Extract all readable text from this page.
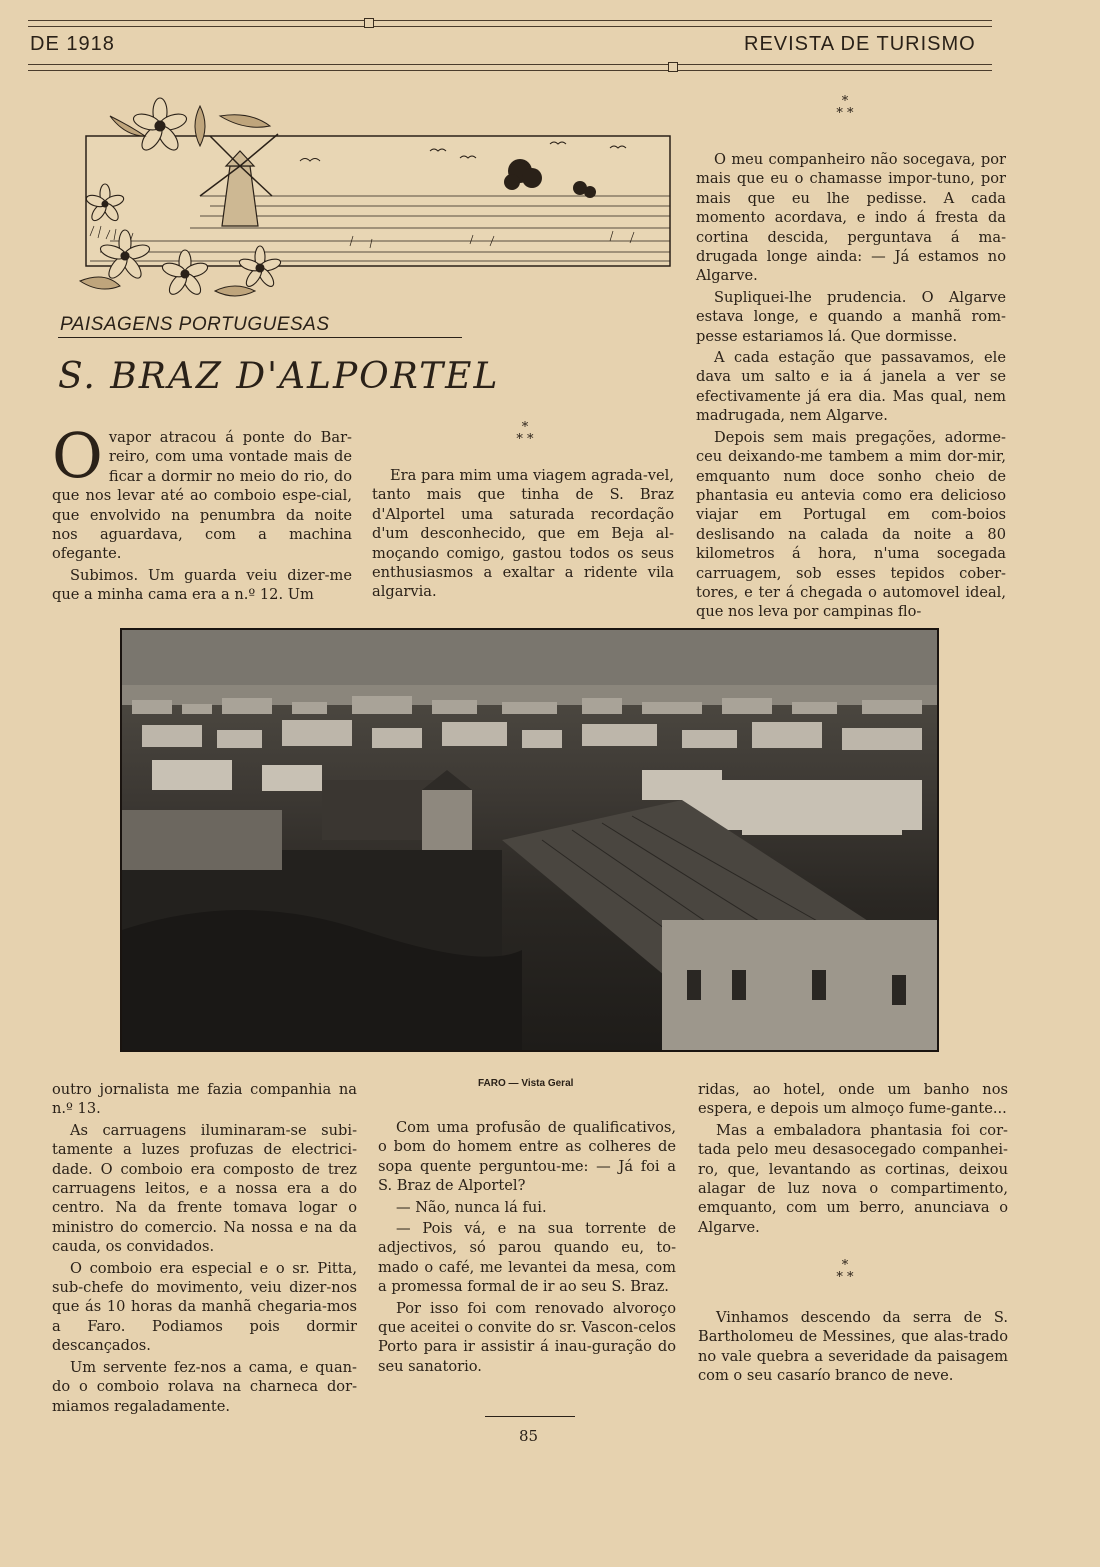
DE 1918	REVISTA DE TURISMO
PAISAGENS PORTUGUESAS
S. BRAZ D'ALPORTEL
O vapor atracou á ponte do Bar-reiro, com uma vontade mais de ficar a dormir no meio do rio, do que nos levar até ao comboio espe-cial, que envolvido na penumbra da noite nos aguardava, com a machina ofegante.

Subimos. Um guarda veiu dizer-me que a minha cama era a n.º 12. Um

*
* *

Era para mim uma viagem agrada-vel, tanto mais que tinha de S. Braz d'Alportel uma saturada recordação d'um desconhecido, que em Beja al-moçando comigo, gastou todos os seus enthusiasmos a exaltar a ridente vila algarvia.

*
* *

O meu companheiro não socegava, por mais que eu o chamasse impor-tuno, por mais que eu lhe pedisse. A cada momento acordava, e indo á fresta da cortina descida, perguntava á ma-drugada longe ainda: — Já estamos no Algarve.

Supliquei-lhe prudencia. O Algarve estava longe, e quando a manhã rom-pesse estariamos lá. Que dormisse.

A cada estação que passavamos, ele dava um salto e ia á janela a ver se efectivamente já era dia. Mas qual, nem madrugada, nem Algarve.

Depois sem mais pregações, adorme-ceu deixando-me tambem a mim dor-mir, emquanto num doce sonho cheio de phantasia eu antevia como era delicioso viajar em Portugal em com-boios deslisando na calada da noite a 80 kilometros á hora, n'uma socegada carruagem, sob esses tepidos cober-tores, e ter á chegada o automovel ideal, que nos leva por campinas flo-

FARO — Vista Geral

outro jornalista me fazia companhia na n.º 13.

As carruagens iluminaram-se subi-tamente a luzes profuzas de electrici-dade. O comboio era composto de trez carruagens leitos, e a nossa era a do centro. Na da frente tomava logar o ministro do comercio. Na nossa e na da cauda, os convidados.

O comboio era especial e o sr. Pitta, sub-chefe do movimento, veiu dizer-nos que ás 10 horas da manhã chegaria-mos a Faro. Podiamos pois dormir descançados.

Um servente fez-nos a cama, e quan-do o comboio rolava na charneca dor-miamos regaladamente.

Com uma profusão de qualificativos, o bom do homem entre as colheres de sopa quente perguntou-me: — Já foi a S. Braz de Alportel?

— Não, nunca lá fui.

— Pois vá, e na sua torrente de adjectivos, só parou quando eu, to-mado o café, me levantei da mesa, com a promessa formal de ir ao seu S. Braz.

Por isso foi com renovado alvoroço que aceitei o convite do sr. Vascon-celos Porto para ir assistir á inau-guração do seu sanatorio.

ridas, ao hotel, onde um banho nos espera, e depois um almoço fume-gante...

Mas a embaladora phantasia foi cor-tada pelo meu desasocegado companhei-ro, que, levantando as cortinas, deixou alagar de luz nova o compartimento, emquanto, com um berro, anunciava o Algarve.

*
* *

Vinhamos descendo da serra de S. Bartholomeu de Messines, que alas-trado no vale quebra a severidade da paisagem com o seu casarío branco de neve.

85
